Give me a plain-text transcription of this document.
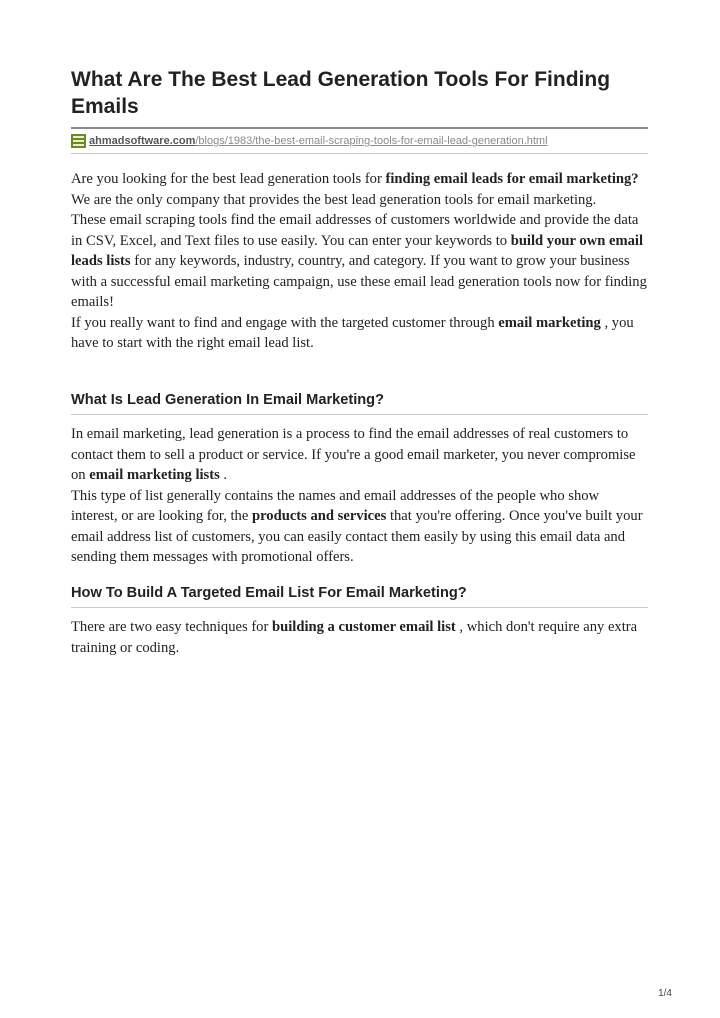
What Are The Best Lead Generation Tools For Finding Emails
ahmadsoftware.com /blogs/1983/the-best-email-scraping-tools-for-email-lead-generation.html

Are you looking for the best lead generation tools for finding email leads for email marketing? We are the only company that provides the best lead generation tools for email marketing.

These email scraping tools find the email addresses of customers worldwide and provide the data in CSV, Excel, and Text files to use easily. You can enter your keywords to build your own email leads lists for any keywords, industry, country, and category. If you want to grow your business with a successful email marketing campaign, use these email lead generation tools now for finding emails!

If you really want to find and engage with the targeted customer through email marketing , you have to start with the right email lead list.

What Is Lead Generation In Email Marketing?

In email marketing, lead generation is a process to find the email addresses of real customers to contact them to sell a product or service. If you're a good email marketer, you never compromise on email marketing lists .

This type of list generally contains the names and email addresses of the people who show interest, or are looking for, the products and services that you're offering. Once you've built your email address list of customers, you can easily contact them easily by using this email data and sending them messages with promotional offers.

How To Build A Targeted Email List For Email Marketing?

There are two easy techniques for building a customer email list , which don't require any extra training or coding.

1/4
